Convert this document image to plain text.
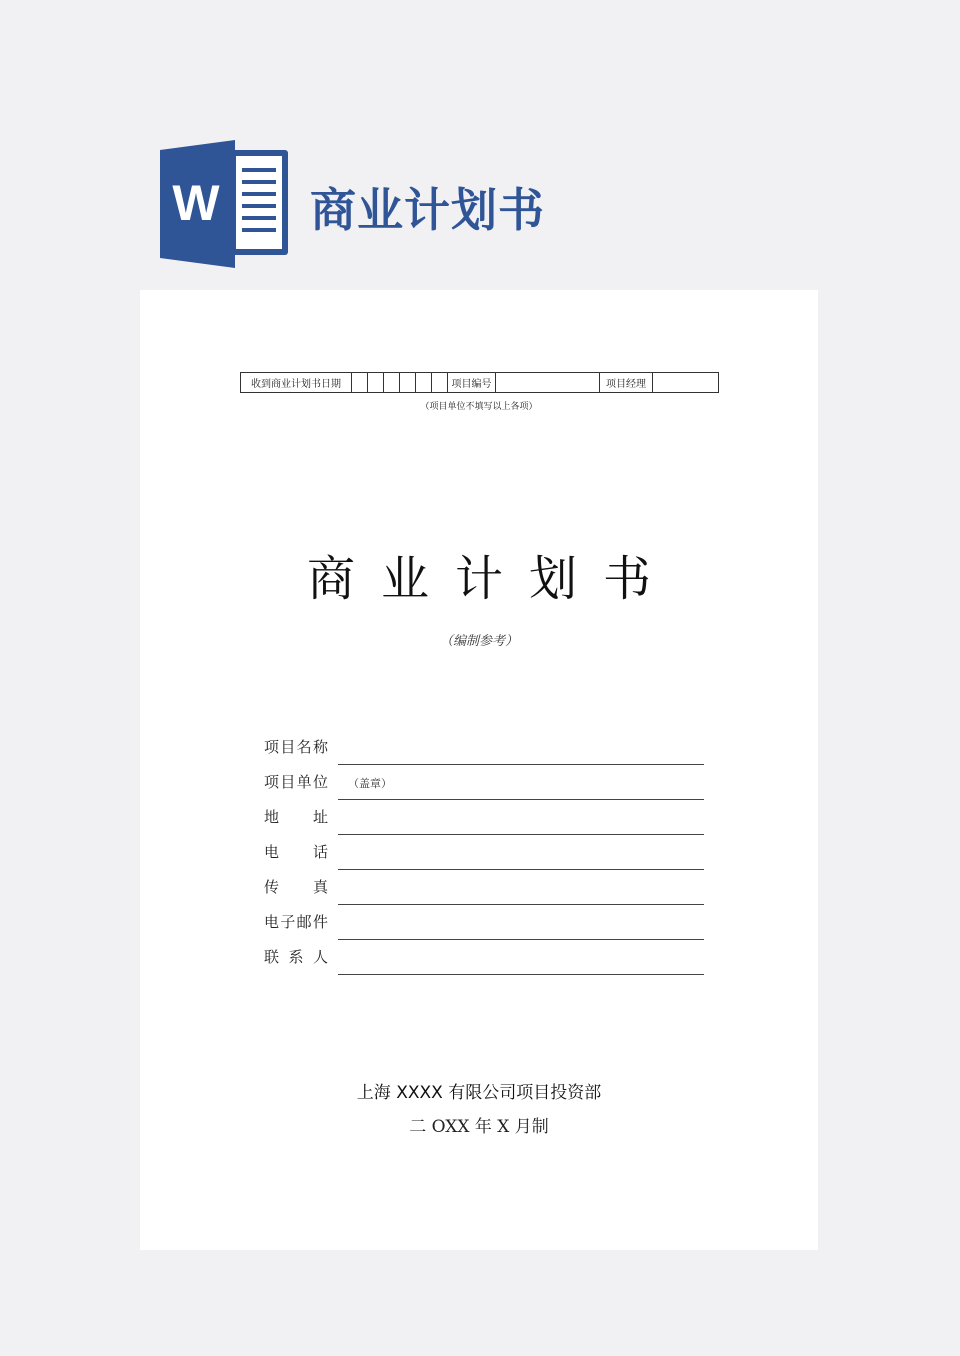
W 商业计划书
收到商业计划书日期	项目编号	项目经理
（项目单位不填写以上各项）
商业计划书
（编制参考）
项目名称
项目单位 （盖章）
地址
电话
传真
电子邮件
联系人
上海 XXXX 有限公司项目投资部
二 OXX 年 X 月制
